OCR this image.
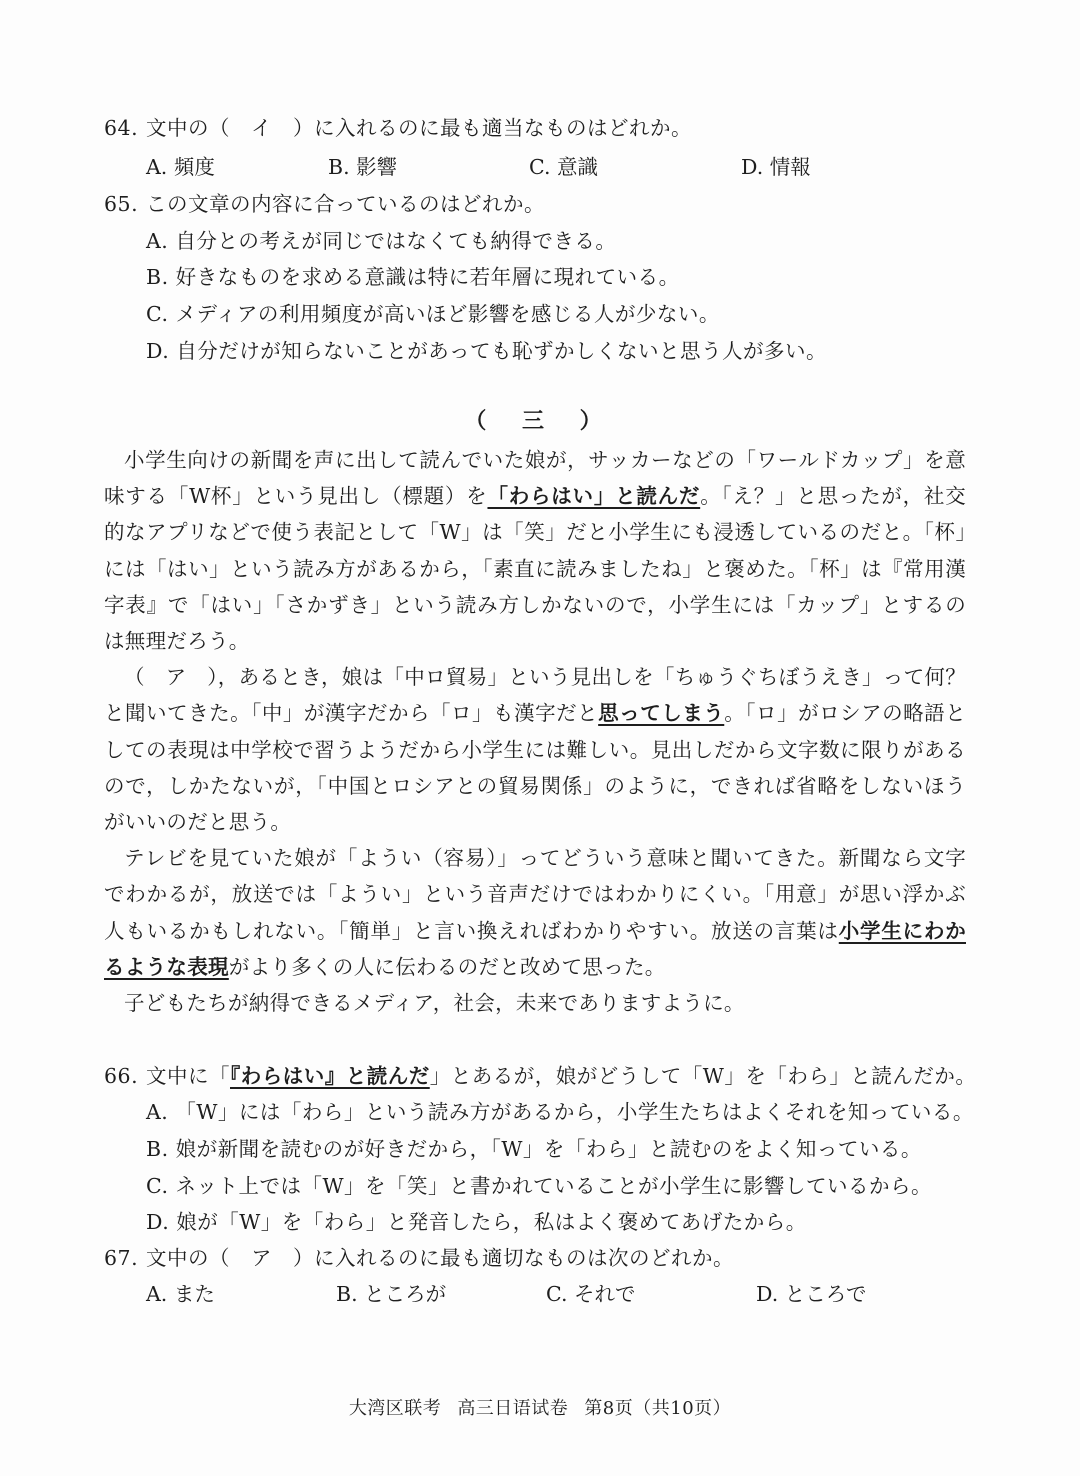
64. 文中の（　イ　）に入れるのに最も適当なものはどれか。
A. 頻度	B. 影響	C. 意識	D. 情報
65. この文章の内容に合っているのはどれか。
A. 自分との考えが同じではなくても納得できる。
B. 好きなものを求める意識は特に若年層に現れている。
C. メディアの利用頻度が高いほど影響を感じる人が少ない。
D. 自分だけが知らないことがあっても恥ずかしくないと思う人が多い。
（ 三 ）

小学生向けの新聞を声に出して読んでいた娘が，サッカーなどの「ワールドカップ」を意味する「W杯」という見出し（標題）を「わらはい」と読んだ。「え？」と思ったが，社交的なアプリなどで使う表記として「W」は「笑」だと小学生にも浸透しているのだと。「杯」には「はい」という読み方があるから，「素直に読みましたね」と褒めた。「杯」は『常用漢字表』で「はい」「さかずき」という読み方しかないので，小学生には「カップ」とするのは無理だろう。

（　ア　），あるとき，娘は「中ロ貿易」という見出しを「ちゅうぐちぼうえき」って何？と聞いてきた。「中」が漢字だから「ロ」も漢字だと思ってしまう。「ロ」がロシアの略語としての表現は中学校で習うようだから小学生には難しい。見出しだから文字数に限りがあるので，しかたないが，「中国とロシアとの貿易関係」のように，できれば省略をしないほうがいいのだと思う。

テレビを見ていた娘が「ようい（容易）」ってどういう意味と聞いてきた。新聞なら文字でわかるが，放送では「ようい」という音声だけではわかりにくい。「用意」が思い浮かぶ人もいるかもしれない。「簡単」と言い換えればわかりやすい。放送の言葉は小学生にわかるような表現がより多くの人に伝わるのだと改めて思った。

子どもたちが納得できるメディア，社会，未来でありますように。

66. 文中に「『わらはい』と読んだ」とあるが，娘がどうして「W」を「わら」と読んだか。
A. 「W」には「わら」という読み方があるから，小学生たちはよくそれを知っている。
B. 娘が新聞を読むのが好きだから，「W」を「わら」と読むのをよく知っている。
C. ネット上では「W」を「笑」と書かれていることが小学生に影響しているから。
D. 娘が「W」を「わら」と発音したら，私はよく褒めてあげたから。
67. 文中の（　ア　）に入れるのに最も適切なものは次のどれか。
A. また	B. ところが	C. それで	D. ところで
大湾区联考 高三日语试卷 第8页（共10页）
